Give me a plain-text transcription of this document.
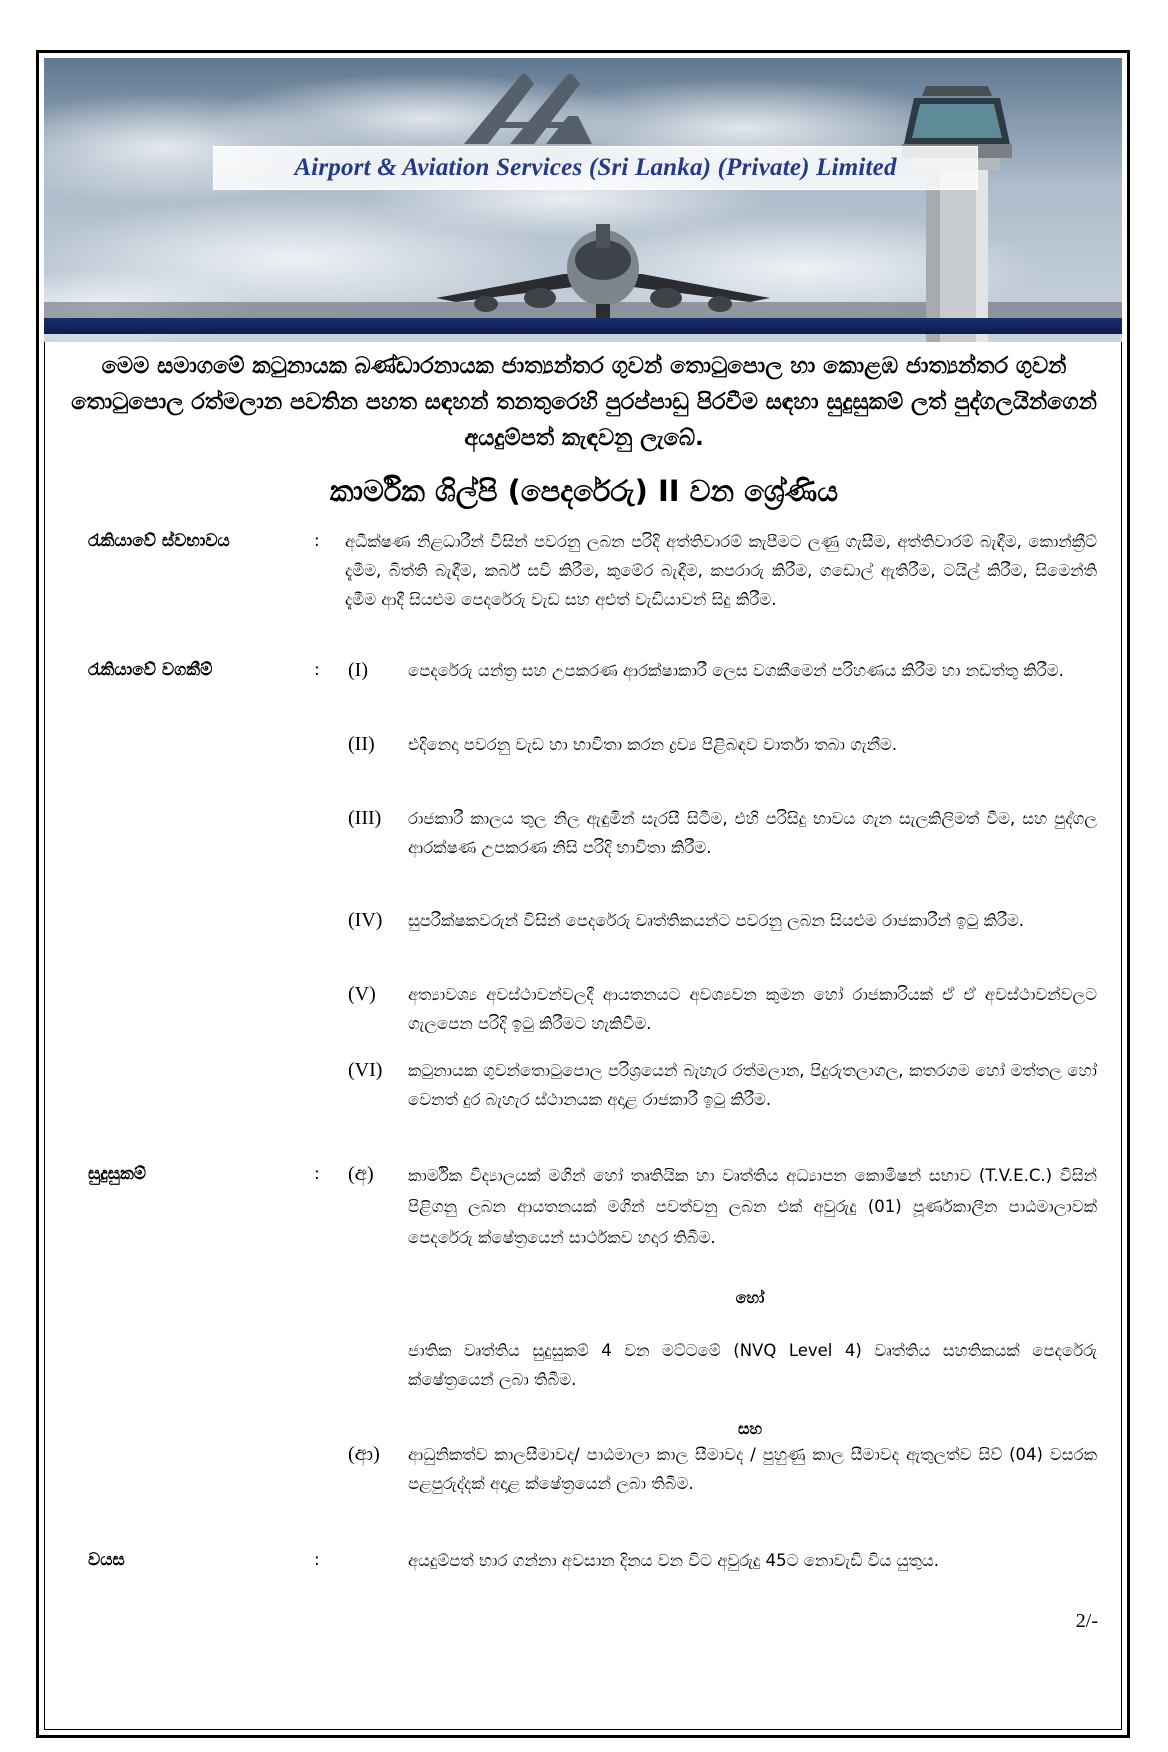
Airport & Aviation Services (Sri Lanka) (Private) Limited
මෙම සමාගමේ කටුනායක බණ්ඩාරනායක ජාත්‍යන්තර ගුවන් තොටුපොල හා කොළඹ ජාත්‍යන්තර ගුවන් තොටුපොල රත්මලාන පවතින පහත සඳහන් තනතුරෙහි පුරප්පාඩු පිරවීම සඳහා සුදුසුකම් ලත් පුද්ගලයින්ගෙන් අයදුම්පත් කැඳවනු ලැබේ.
කාර්මික ශිල්පි (පෙදරේරු) II වන ශ්‍රේණිය
රැකියාවේ ස්වභාවය	: අධීක්ෂණ නිළධාරීන් විසින් පවරනු ලබන පරිදි අත්තිවාරම් කැපීමට ලණු ගැසීම, අත්තිවාරම් බැඳීම, කොන්ක්‍රීට් දැමීම, බිත්ති බැඳීම, කර්බ් සවි කිරීම, කුමේර බැඳීම, කපරාරු කිරීම, ගඩොල් ඇතිරීම, ටයිල් කිරීම, සිමෙන්ති දැමීම ආදී සියළුම පෙදරේරු වැඩ සහ අළුත් වැඩියාවන් සිදු කිරීම.
රැකියාවේ වගකීම්	: (I) පෙදරේරු යන්ත්‍ර සහ උපකරණ ආරක්ෂාකාරී ලෙස වගකීමෙන් පරිහණය කිරීම හා නඩත්තු කිරීම.
(II) එදිනෙදා පවරනු වැඩ හා භාවිතා කරන ද්‍රව්‍ය පිළිබඳව වාර්තා තබා ගැනීම.
(III) රාජකාරී කාලය තුල නිල ඇඳුමින් සැරසී සිටීම, එහි පරිසිදු භාවය ගැන සැලකිලිමත් වීම, සහ පුද්ගල ආරක්ෂණ උපකරණ නිසි පරිදි භාවිතා කිරීම.
(IV) සුපරීක්ෂකවරුන් විසින් පෙදරේරු වෘත්තිකයන්ට පවරනු ලබන සියළුම රාජකාරීන් ඉටු කිරීම.
(V) අත්‍යාවශ්‍ය අවස්ථාවන්වලදී ආයතනයට අවශ්‍යවන කුමන හෝ රාජකාරියක් ඒ ඒ අවස්ථාවන්වලට ගැලපෙන පරිදි ඉටු කිරීමට හැකිවීම.
(VI) කටුනායක ගුවන්තොටුපොල පරිශ්‍රයෙන් බැහැර රත්මලාන, පිදුරුතලාගල, කතරගම හෝ මත්තල හෝ වෙනත් දුර බැහැර ස්ථානයක අදාළ රාජකාරී ඉටු කිරීම.
සුදුසුකම්	: (අ) කාර්මික විද්‍යාලයක් මගින් හෝ තෘතියික හා වෘත්තිය අධ්‍යාපන කොමිෂන් සභාව (T.V.E.C.) විසින් පිළිගනු ලබන ආයතනයක් මගින් පවත්වනු ලබන එක් අවුරුදු (01) පූර්ණකාලීන පාඨමාලාවක් පෙදරේරු ක්ෂේත්‍රයෙන් සාර්ථකව හදාර තිබීම.
හෝ
ජාතික වෘත්තිය සුදුසුකම් 4 වන මට්ටමේ (NVQ Level 4) වෘත්තිය සහතිකයක් පෙදරේරු ක්ෂේත්‍රයෙන් ලබා තිබීම.
සහ
(ආ) ආධුනිකත්ව කාලසීමාවද/ පාඨමාලා කාල සීමාවද / පුහුණු කාල සීමාවද ඇතුලත්ව සිව් (04) වසරක පළපුරුද්දක් අදාළ ක්ෂේත්‍රයෙන් ලබා තිබීම.
වයස	:	අයදුම්පත් භාර ගන්නා අවසාන දිනය වන විට අවුරුදු 45ට නොවැඩි විය යුතුය.
2/-
